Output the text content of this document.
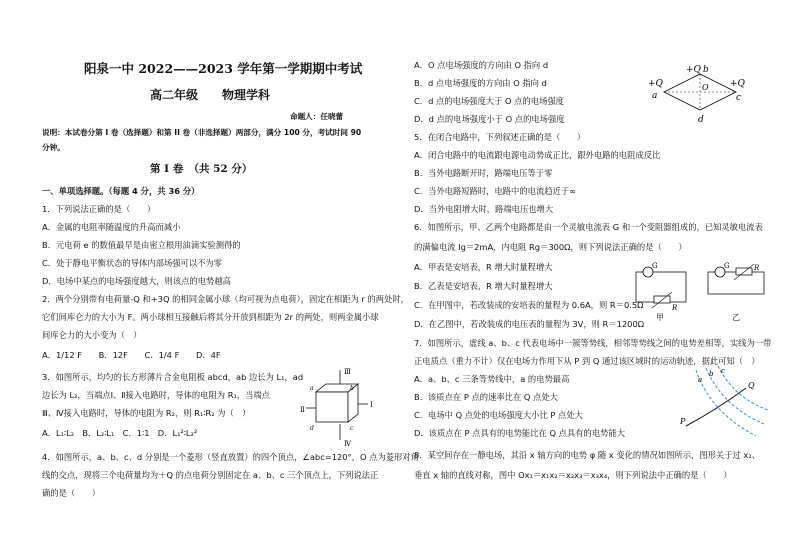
阳泉一中 2022——2023 学年第一学期期中考试
高二年级 物理学科
命题人：任晓蕾
说明：本试卷分第 I 卷（选择题）和第 II 卷（非选择题）两部分，满分 100 分，考试时间 90
分钟。
第 I 卷　（共 52 分）
一、单项选择题。（每题 4 分，共 36 分）
1．下列说法正确的是（　　）
A．金属的电阻率随温度的升高而减小
B．元电荷 e 的数值最早是由密立根用油滴实验测得的
C．处于静电平衡状态的导体内部场强可以不为零
D．电场中某点的电场强度越大，则该点的电势越高
2．两个分别带有电荷量-Q 和+3Q 的相同金属小球（均可视为点电荷），固定在相距为 r 的两处时，
它们间库仑力的大小为 F。两小球相互接触后将其分开放到相距为 2r 的两处，则两金属小球
间库仑力的大小变为（　）
A．1/12 F　　B．12F　　C．1/4 F　　D．4F
3．如图所示，均匀的长方形薄片合金电阻板 abcd，ab 边长为 L₁，ad
边长为 L₂，当端点Ⅰ、Ⅱ接入电路时，导体的电阻为 R₁，当端点
Ⅲ、Ⅳ接入电路时，导体的电阻为 R₂，则 R₁∶R₂ 为（　）
A．L₁∶L₂　B．L₂∶L₁　C．1∶1　D．L₁²∶L₂²
4．如图所示，a、b、c、d 分别是一个菱形（竖直放置）的四个顶点，∠abc=120°，O 点为菱形对角
线的交点，现将三个电荷量均为＋Q 的点电荷分别固定在 a、b、c 三个顶点上，下列说法正
确的是（　　）
Ⅲ
Ⅳ
Ⅱ
Ⅰ
a	b
c
d
A．O 点电场强度的方向由 O 指向 d
B．d 点电场强度的方向由 O 指向 d
C．d 点的电场强度大于 O 点的电场强度
D．d 点的电场强度小于 O 点的电场强度
5．在闭合电路中，下列叙述正确的是（　　）
A．闭合电路中的电流跟电源电动势成正比，跟外电路的电阻成反比
B．当外电路断开时，路端电压等于零
C．当外电路短路时，电路中的电流趋近于∞
D．当外电阻增大时，路端电压也增大
6．如图所示，甲、乙两个电路都是由一个灵敏电流表 G 和一个变阻器组成的，已知灵敏电流表
的满偏电流 Ig＝2mA，内电阻 Rg＝300Ω，则下列说法正确的是（　　）
A．甲表是安培表，R 增大时量程增大
B．乙表是安培表，R 增大时量程增大
C．在甲图中，若改装成的安培表的量程为 0.6A，则 R＝0.5Ω
D．在乙图中，若改装成的电压表的量程为 3V，则 R＝1200Ω
7．如图所示，虚线 a、b、c 代表电场中一簇等势线，相邻等势线之间的电势差相等，实线为一带
正电质点（重力不计）仅在电场力作用下从 P 到 Q 通过该区域时的运动轨迹，据此可知（　）
A．a、b、c 三条等势线中，a 的电势最高
B．该质点在 P 点的速率比在 Q 点处大
C．电场中 Q 点处的电场强度大小比 P 点处大
D．该质点在 P 点具有的电势能比在 Q 点具有的电势能大
8．某空间存在一静电场，其沿 x 轴方向的电势 φ 随 x 变化的情况如图所示，图形关于过 x₂、
垂直 x 轴的直线对称，图中 Ox₁＝x₁x₂＝x₂x₃＝x₃x₄，则下列说法中正确的是（　　）
+Q b
+Q
a
+Q
c
d
O
G
R
G	R
甲	乙
a
b c
P
Q
